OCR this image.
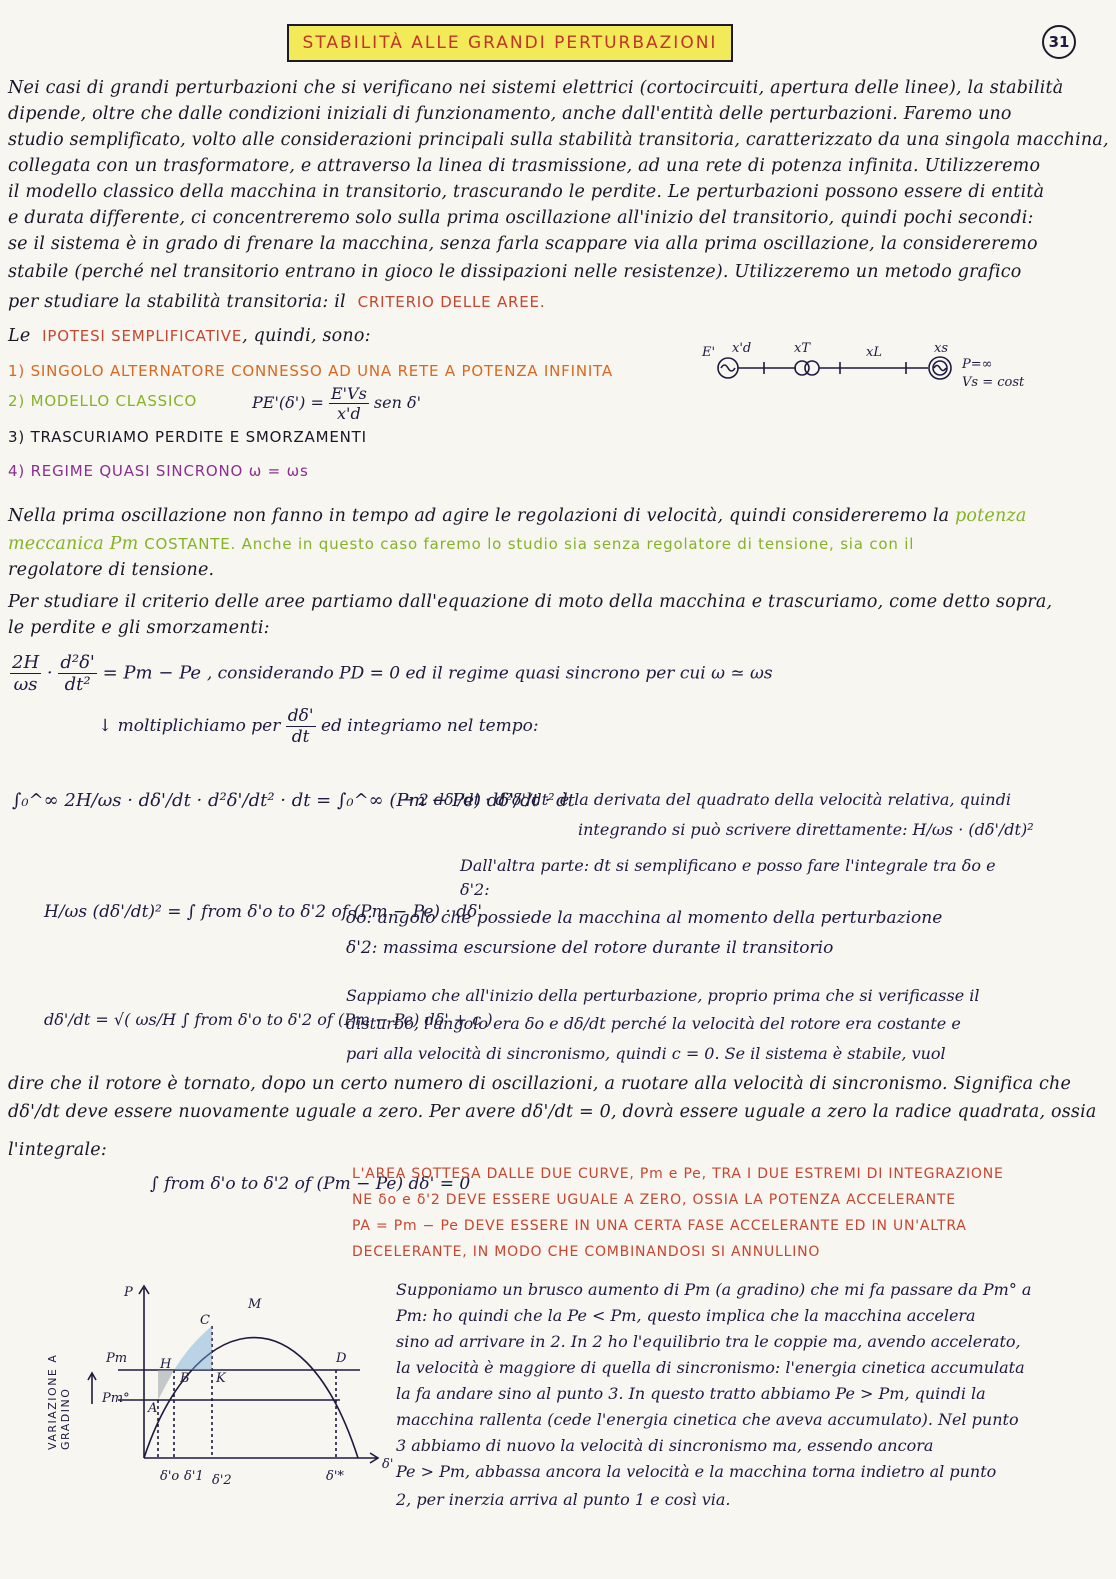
STABILITÀ ALLE GRANDI PERTURBAZIONI	31
Nei casi di grandi perturbazioni che si verificano nei sistemi elettrici (cortocircuiti, apertura delle linee), la stabilità
dipende, oltre che dalle condizioni iniziali di funzionamento, anche dall'entità delle perturbazioni. Faremo uno
studio semplificato, volto alle considerazioni principali sulla stabilità transitoria, caratterizzato da una singola macchina,
collegata con un trasformatore, e attraverso la linea di trasmissione, ad una rete di potenza infinita. Utilizzeremo
il modello classico della macchina in transitorio, trascurando le perdite. Le perturbazioni possono essere di entità
e durata differente, ci concentreremo solo sulla prima oscillazione all'inizio del transitorio, quindi pochi secondi:
se il sistema è in grado di frenare la macchina, senza farla scappare via alla prima oscillazione, la considereremo
stabile (perché nel transitorio entrano in gioco le dissipazioni nelle resistenze). Utilizzeremo un metodo grafico
per studiare la stabilità transitoria: il CRITERIO DELLE AREE.
Le IPOTESI SEMPLIFICATIVE, quindi, sono:
1) SINGOLO ALTERNATORE CONNESSO AD UNA RETE A POTENZA INFINITA
2) MODELLO CLASSICO	$PE'(\delta') = \frac{E'Vs}{x'd}$ sen δ'
3) TRASCURIAMO PERDITE E SMORZAMENTI
4) REGIME QUASI SINCRONO ω = ωs
E' x'd	xT	xL	xs
P=∞
Vs = cost
Nella prima oscillazione non fanno in tempo ad agire le regolazioni di velocità, quindi considereremo la potenza
meccanica Pm COSTANTE. Anche in questo caso faremo lo studio sia senza regolatore di tensione, sia con il
regolatore di tensione.
Per studiare il criterio delle aree partiamo dall'equazione di moto della macchina e trascuriamo, come detto sopra,
le perdite e gli smorzamenti:
$\frac{2H}{\omega s} \cdot \frac{\text{d²δ'}}{\text{dt²}} = Pm - Pe$ , considerando PD = 0 ed il regime quasi sincrono per cui ω ≃ ωs
↓ moltiplichiamo per $\frac{d\delta'}{dt}$ ed integriamo nel tempo:
∫₀^∞ 2H/ωs · dδ'/dt · d²δ'/dt² · dt = ∫₀^∞ (Pm − Pe) dδ'/dt · dt
→ 2 dδ'/dt · d²δ'/dt² è la derivata del quadrato della velocità relativa, quindi
integrando si può scrivere direttamente: H/ωs · (dδ'/dt)²
Dall'altra parte: dt si semplificano e posso fare l'integrale tra δo e
δ'2:
H/ωs (dδ'/dt)² = ∫ from δ'o to δ'2 of (Pm − Pe) · dδ'
δo: angolo che possiede la macchina al momento della perturbazione
δ'2: massima escursione del rotore durante il transitorio
dδ'/dt = √( ωs/H ∫ from δ'o to δ'2 of (Pm − Pe) dδ' + c )
Sappiamo che all'inizio della perturbazione, proprio prima che si verificasse il
disturbo, l'angolo era δo e dδ/dt perché la velocità del rotore era costante e
pari alla velocità di sincronismo, quindi c = 0. Se il sistema è stabile, vuol
dire che il rotore è tornato, dopo un certo numero di oscillazioni, a ruotare alla velocità di sincronismo. Significa che
dδ'/dt deve essere nuovamente uguale a zero. Per avere dδ'/dt = 0, dovrà essere uguale a zero la radice quadrata, ossia
l'integrale:
∫ from δ'o to δ'2 of (Pm − Pe) dδ' = 0
L'AREA SOTTESA DALLE DUE CURVE, Pm e Pe, TRA I DUE ESTREMI DI INTEGRAZIONE
NE δo e δ'2 DEVE ESSERE UGUALE A ZERO, OSSIA LA POTENZA ACCELERANTE
PA = Pm − Pe DEVE ESSERE IN UNA CERTA FASE ACCELERANTE ED IN UN'ALTRA
DECELERANTE, IN MODO CHE COMBINANDOSI SI ANNULLINO
VARIAZIONE A GRADINO
P
δ'
Pm
Pm°
A
B
C
D
H
K
M
δ'o δ'1 δ'2	δ'*
Supponiamo un brusco aumento di Pm (a gradino) che mi fa passare da Pm° a
Pm: ho quindi che la Pe < Pm, questo implica che la macchina accelera
sino ad arrivare in 2. In 2 ho l'equilibrio tra le coppie ma, avendo accelerato,
la velocità è maggiore di quella di sincronismo: l'energia cinetica accumulata
la fa andare sino al punto 3. In questo tratto abbiamo Pe > Pm, quindi la
macchina rallenta (cede l'energia cinetica che aveva accumulato). Nel punto
3 abbiamo di nuovo la velocità di sincronismo ma, essendo ancora
Pe > Pm, abbassa ancora la velocità e la macchina torna indietro al punto
2, per inerzia arriva al punto 1 e così via.
